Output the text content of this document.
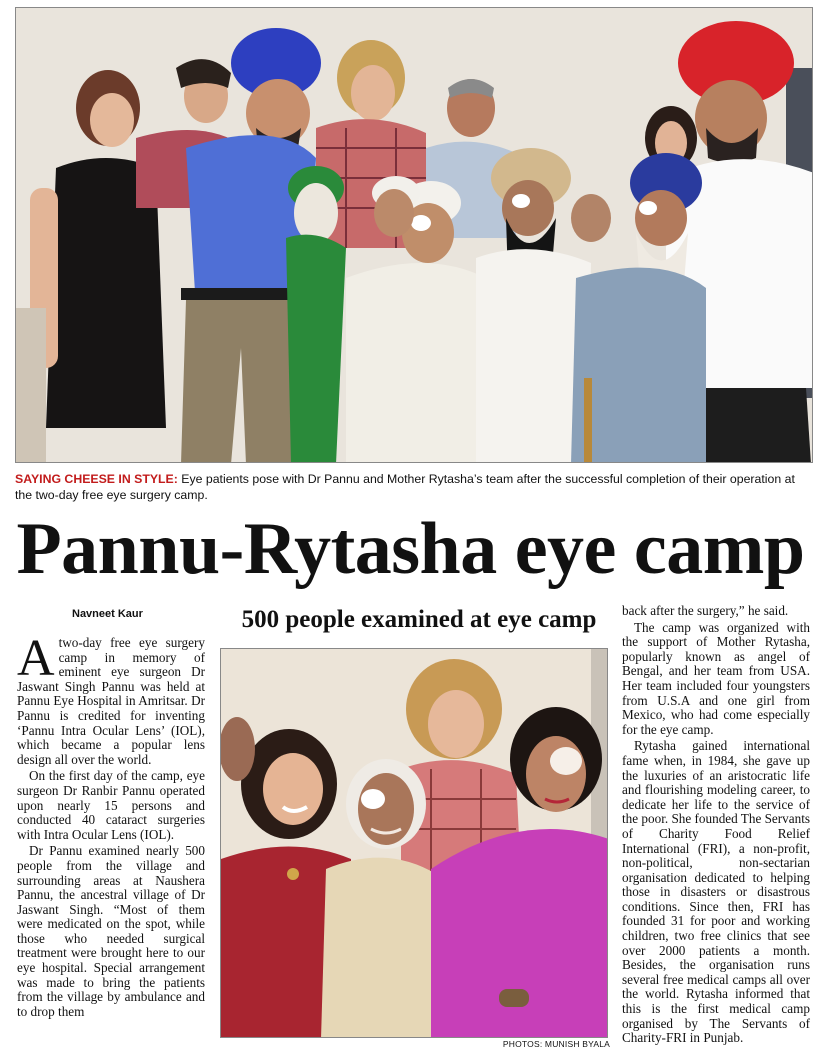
SAYING CHEESE IN STYLE: Eye patients pose with Dr Pannu and Mother Rytasha’s team after the successful completion of their operation at the two-day free eye surgery camp.
Pannu-Rytasha eye camp
Navneet Kaur	500 people examined at eye camp

Atwo-day free eye surgery camp in memory of eminent eye surgeon Dr Jaswant Singh Pannu was held at Pannu Eye Hospital in Amritsar. Dr Pannu is credited for inventing ‘Pannu Intra Ocular Lens’ (IOL), which became a popular lens design all over the world.

On the first day of the camp, eye surgeon Dr Ranbir Pannu operated upon nearly 15 persons and conducted 40 cataract surgeries with Intra Ocular Lens (IOL).

Dr Pannu examined nearly 500 people from the village and surrounding areas at Naushera Pannu, the ancestral village of Dr Jaswant Singh. “Most of them were medicated on the spot, while those who needed surgical treatment were brought here to our eye hospital. Special arrangement was made to bring the patients from the village by ambulance and to drop them

PHOTOS: MUNISH BYALA

back after the surgery,” he said.

The camp was organized with the support of Mother Rytasha, popularly known as angel of Bengal, and her team from USA. Her team included four youngsters from U.S.A and one girl from Mexico, who had come especially for the eye camp.

Rytasha gained international fame when, in 1984, she gave up the luxuries of an aristocratic life and flourishing modeling career, to dedicate her life to the service of the poor. She founded The Servants of Charity Food Relief International (FRI), a non-profit, non-political, non-sectarian organisation dedicated to helping those in disasters or disastrous conditions. Since then, FRI has founded 31 for poor and working children, two free clinics that see over 2000 patients a month. Besides, the organisation runs several free medical camps all over the world. Rytasha informed that this is the first medical camp organised by The Servants of Charity-FRI in Punjab.
